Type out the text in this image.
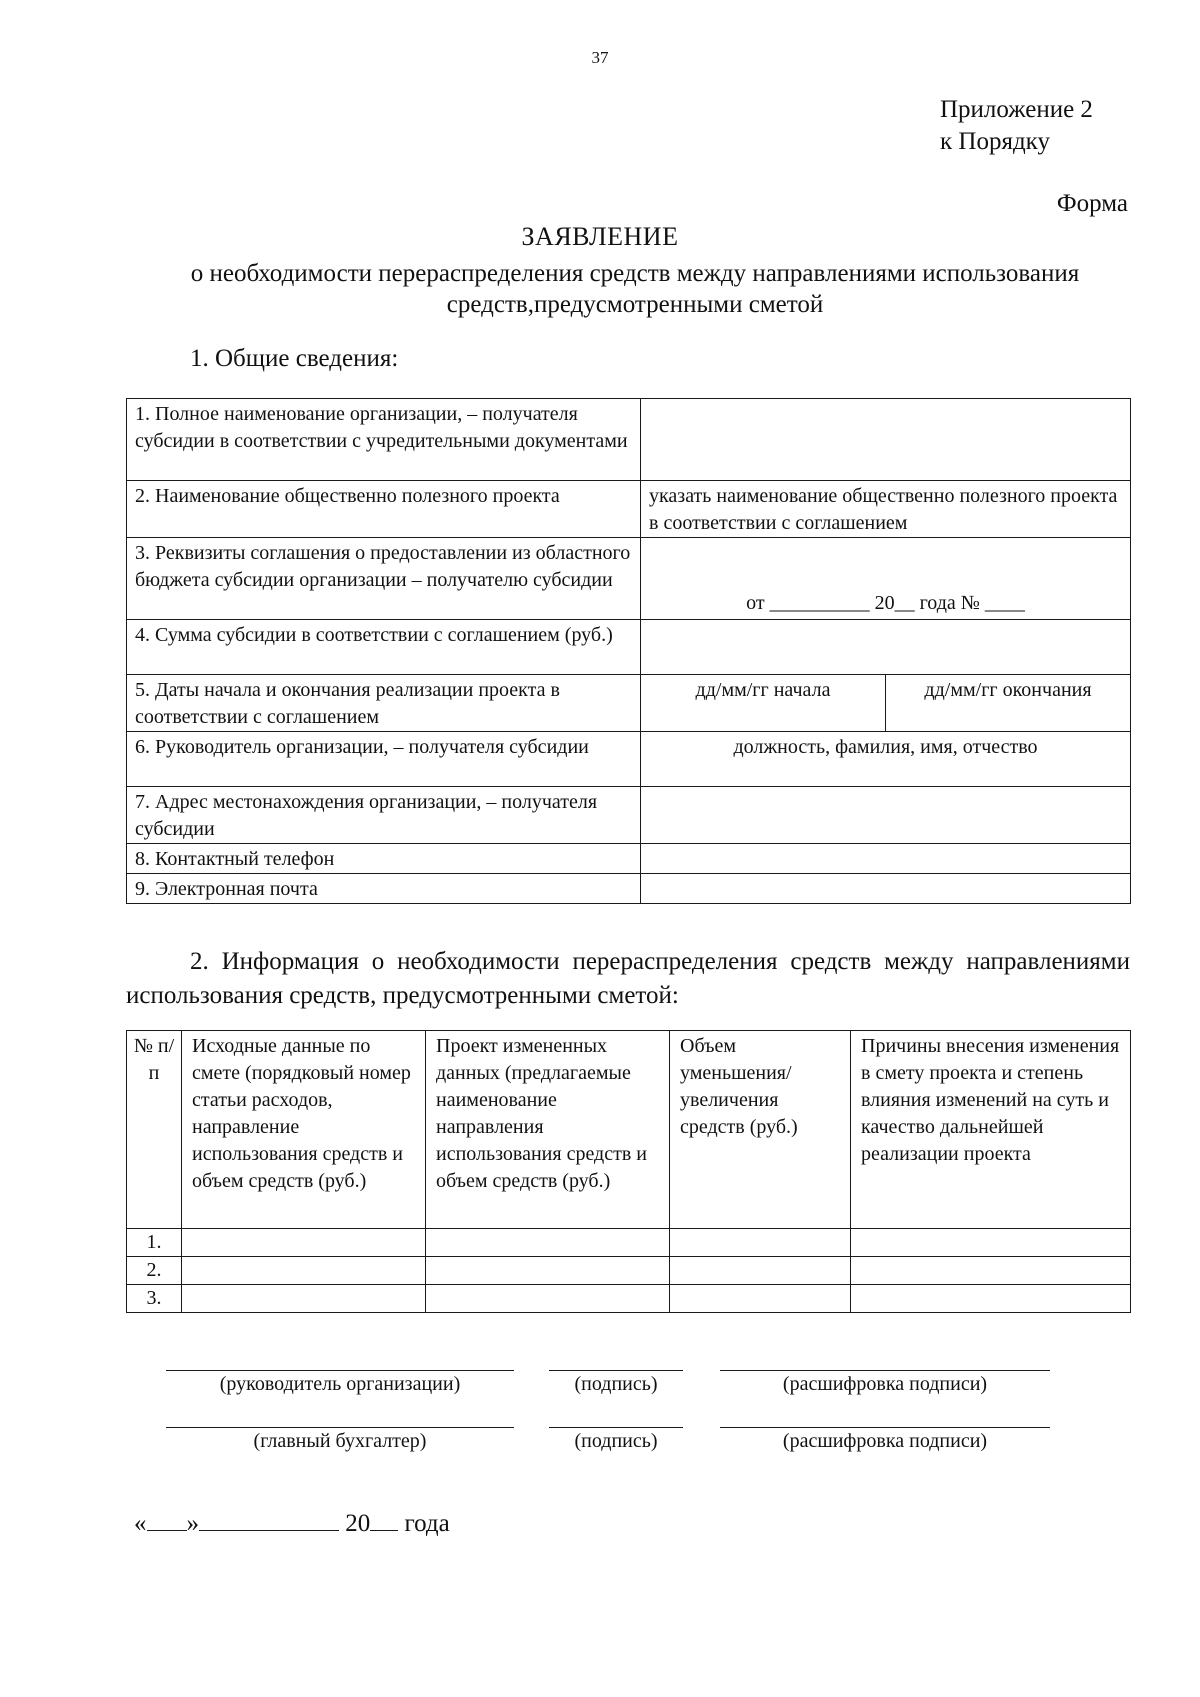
37
Приложение 2
к Порядку
Форма
ЗАЯВЛЕНИЕ
о необходимости перераспределения средств между направлениями использования средств,предусмотренными сметой
1. Общие сведения:
1. Полное наименование организации, – получателя субсидии в соответствии с учредительными документами		
2. Наименование общественно полезного проекта	указать наименование общественно полезного проекта в соответствии с соглашением	
3. Реквизиты соглашения о предоставлении из областного бюджета субсидии организации – получателю субсидии	от __________ 20__ года № ____	
4. Сумма субсидии в соответствии с соглашением (руб.)		
5. Даты начала и окончания реализации проекта в соответствии с соглашением	дд/мм/гг начала	дд/мм/гг окончания
6. Руководитель организации, – получателя субсидии	должность, фамилия, имя, отчество	
7. Адрес местонахождения организации, – получателя субсидии		
8. Контактный телефон		
9. Электронная почта		
2. Информация о необходимости перераспределения средств между направлениями использования средств, предусмотренными сметой:
№ п/п	Исходные данные по смете (порядковый номер статьи расходов, направление использования средств и объем средств (руб.)	Проект измененных данных (предлагаемые наименование направления использования средств и объем средств (руб.)	Объем уменьшения/ увеличения средств (руб.)	Причины внесения изменения в смету проекта и степень влияния изменений на суть и качество дальнейшей реализации проекта
1.				
2.				
3.				
(руководитель организации)	(подпись)	(расшифровка подписи)
(главный бухгалтер)	(подпись)	(расшифровка подписи)
« »	20 года
